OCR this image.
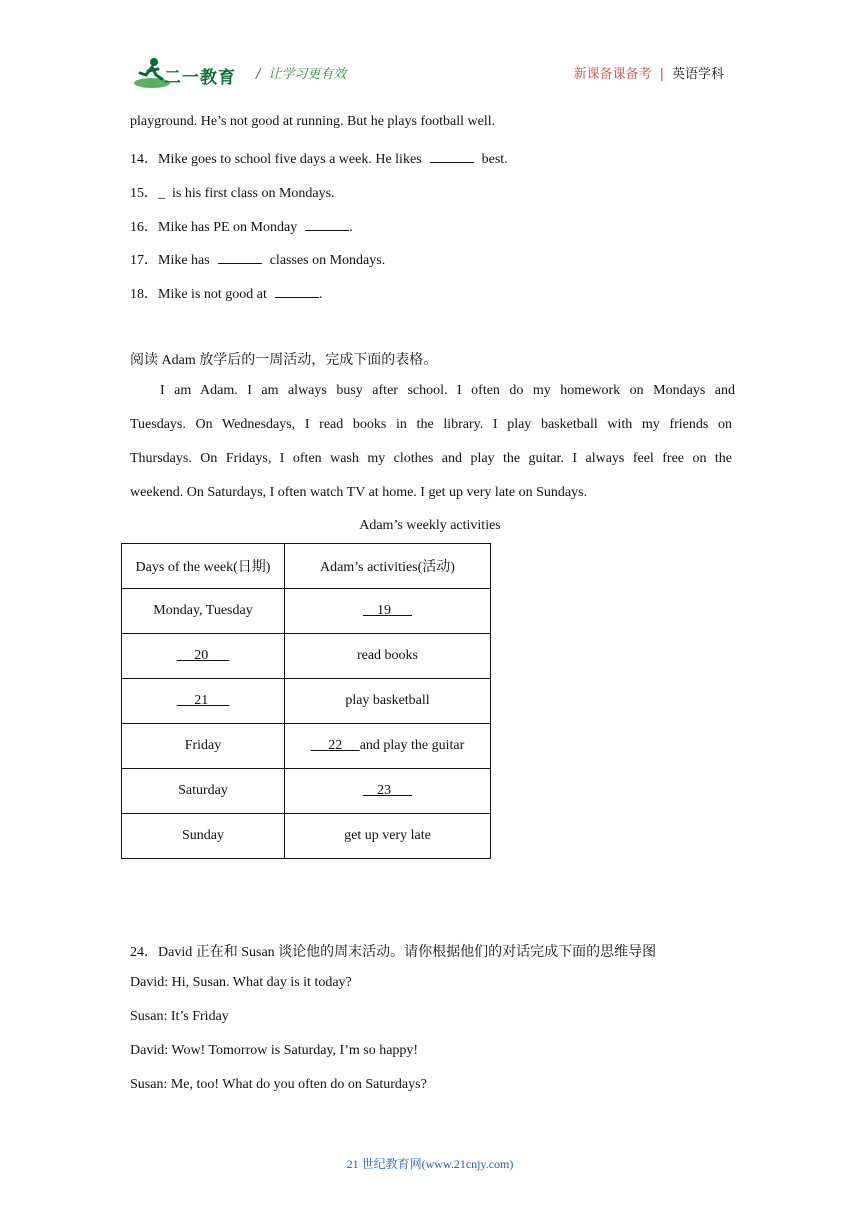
二一教育 / 让学习更有效	新课备课备考 | 英语学科
playground. He’s not good at running. But he plays football well.
14．Mike goes to school five days a week. He likes	best.
15．_ is his first class on Mondays.
16．Mike has PE on Monday	.
17．Mike has	classes on Mondays.
18．Mike is not good at	.
阅读 Adam 放学后的一周活动，完成下面的表格。
I am Adam. I am always busy after school. I often do my homework on Mondays and
Tuesdays. On Wednesdays, I read books in the library. I play basketball with my friends on
Thursdays. On Fridays, I often wash my clothes and play the guitar. I always feel free on the
weekend. On Saturdays, I often watch TV at home. I get up very late on Sundays.
Adam’s weekly activities
Days of the week(日期)	Adam’s activities(活动)
Monday, Tuesday	19
20	read books
21	play basketball
Friday	22 and play the guitar
Saturday	23
Sunday	get up very late
24．David 正在和 Susan 谈论他的周末活动。请你根据他们的对话完成下面的思维导图
David: Hi, Susan. What day is it today?
Susan: It’s Friday
David: Wow! Tomorrow is Saturday, I’m so happy!
Susan: Me, too! What do you often do on Saturdays?
21 世纪教育网(www.21cnjy.com)
